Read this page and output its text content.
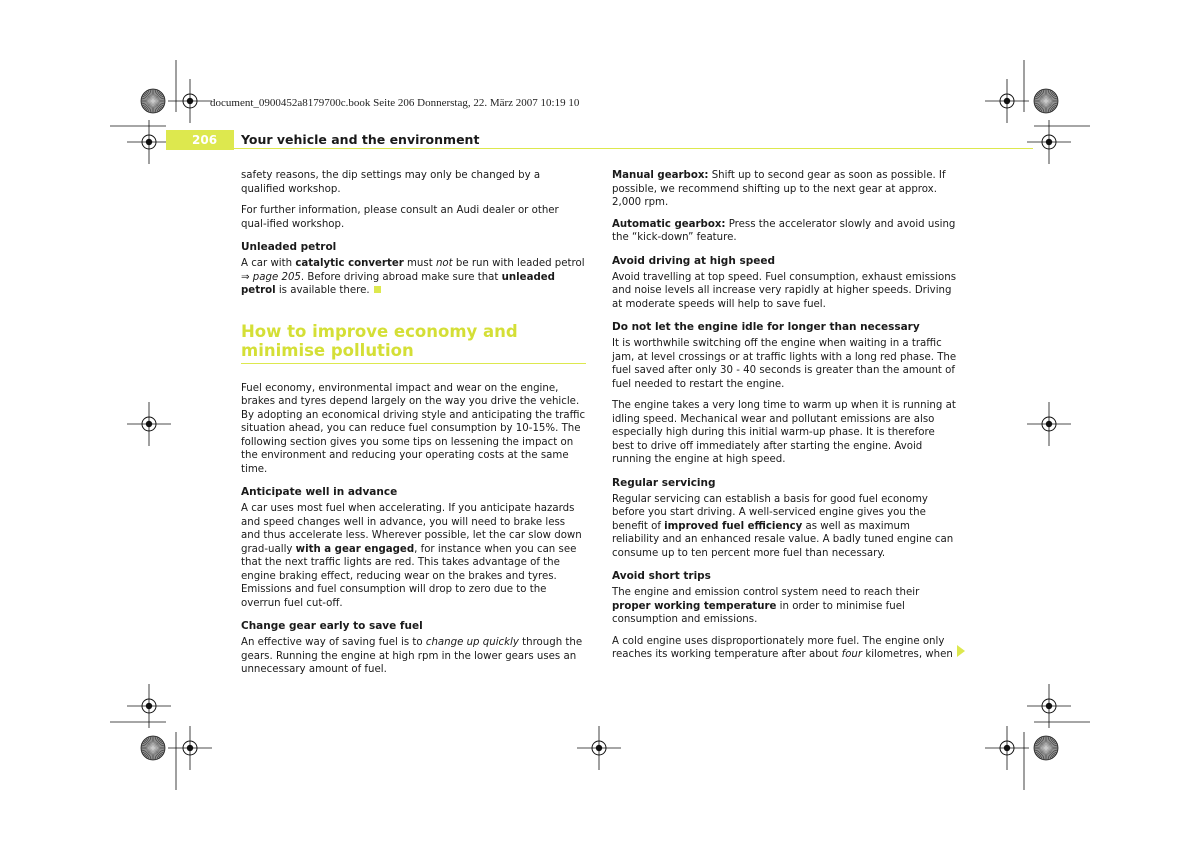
document_0900452a8179700c.book Seite 206 Donnerstag, 22. März 2007 10:19 10
206 Your vehicle and the environment

safety reasons, the dip settings may only be changed by a qualified workshop.

For further information, please consult an Audi dealer or other qual-ified workshop.

Unleaded petrol

A car with catalytic converter must not be run with leaded petrol ⇒ page 205. Before driving abroad make sure that unleaded petrol is available there.

How to improve economy and
minimise pollution

Fuel economy, environmental impact and wear on the engine, brakes and tyres depend largely on the way you drive the vehicle. By adopting an economical driving style and anticipating the traffic situation ahead, you can reduce fuel consumption by 10-15%. The following section gives you some tips on lessening the impact on the environment and reducing your operating costs at the same time.

Anticipate well in advance

A car uses most fuel when accelerating. If you anticipate hazards and speed changes well in advance, you will need to brake less and thus accelerate less. Wherever possible, let the car slow down grad-ually with a gear engaged, for instance when you can see that the next traffic lights are red. This takes advantage of the engine braking effect, reducing wear on the brakes and tyres. Emissions and fuel consumption will drop to zero due to the overrun fuel cut-off.

Change gear early to save fuel

An effective way of saving fuel is to change up quickly through the gears. Running the engine at high rpm in the lower gears uses an unnecessary amount of fuel.

Manual gearbox: Shift up to second gear as soon as possible. If possible, we recommend shifting up to the next gear at approx. 2,000 rpm.

Automatic gearbox: Press the accelerator slowly and avoid using the “kick-down” feature.

Avoid driving at high speed

Avoid travelling at top speed. Fuel consumption, exhaust emissions and noise levels all increase very rapidly at higher speeds. Driving at moderate speeds will help to save fuel.

Do not let the engine idle for longer than necessary

It is worthwhile switching off the engine when waiting in a traffic jam, at level crossings or at traffic lights with a long red phase. The fuel saved after only 30 - 40 seconds is greater than the amount of fuel needed to restart the engine.

The engine takes a very long time to warm up when it is running at idling speed. Mechanical wear and pollutant emissions are also especially high during this initial warm-up phase. It is therefore best to drive off immediately after starting the engine. Avoid running the engine at high speed.

Regular servicing

Regular servicing can establish a basis for good fuel economy before you start driving. A well-serviced engine gives you the benefit of improved fuel efficiency as well as maximum reliability and an enhanced resale value. A badly tuned engine can consume up to ten percent more fuel than necessary.

Avoid short trips

The engine and emission control system need to reach their proper working temperature in order to minimise fuel consumption and emissions.

A cold engine uses disproportionately more fuel. The engine only reaches its working temperature after about four kilometres, when
